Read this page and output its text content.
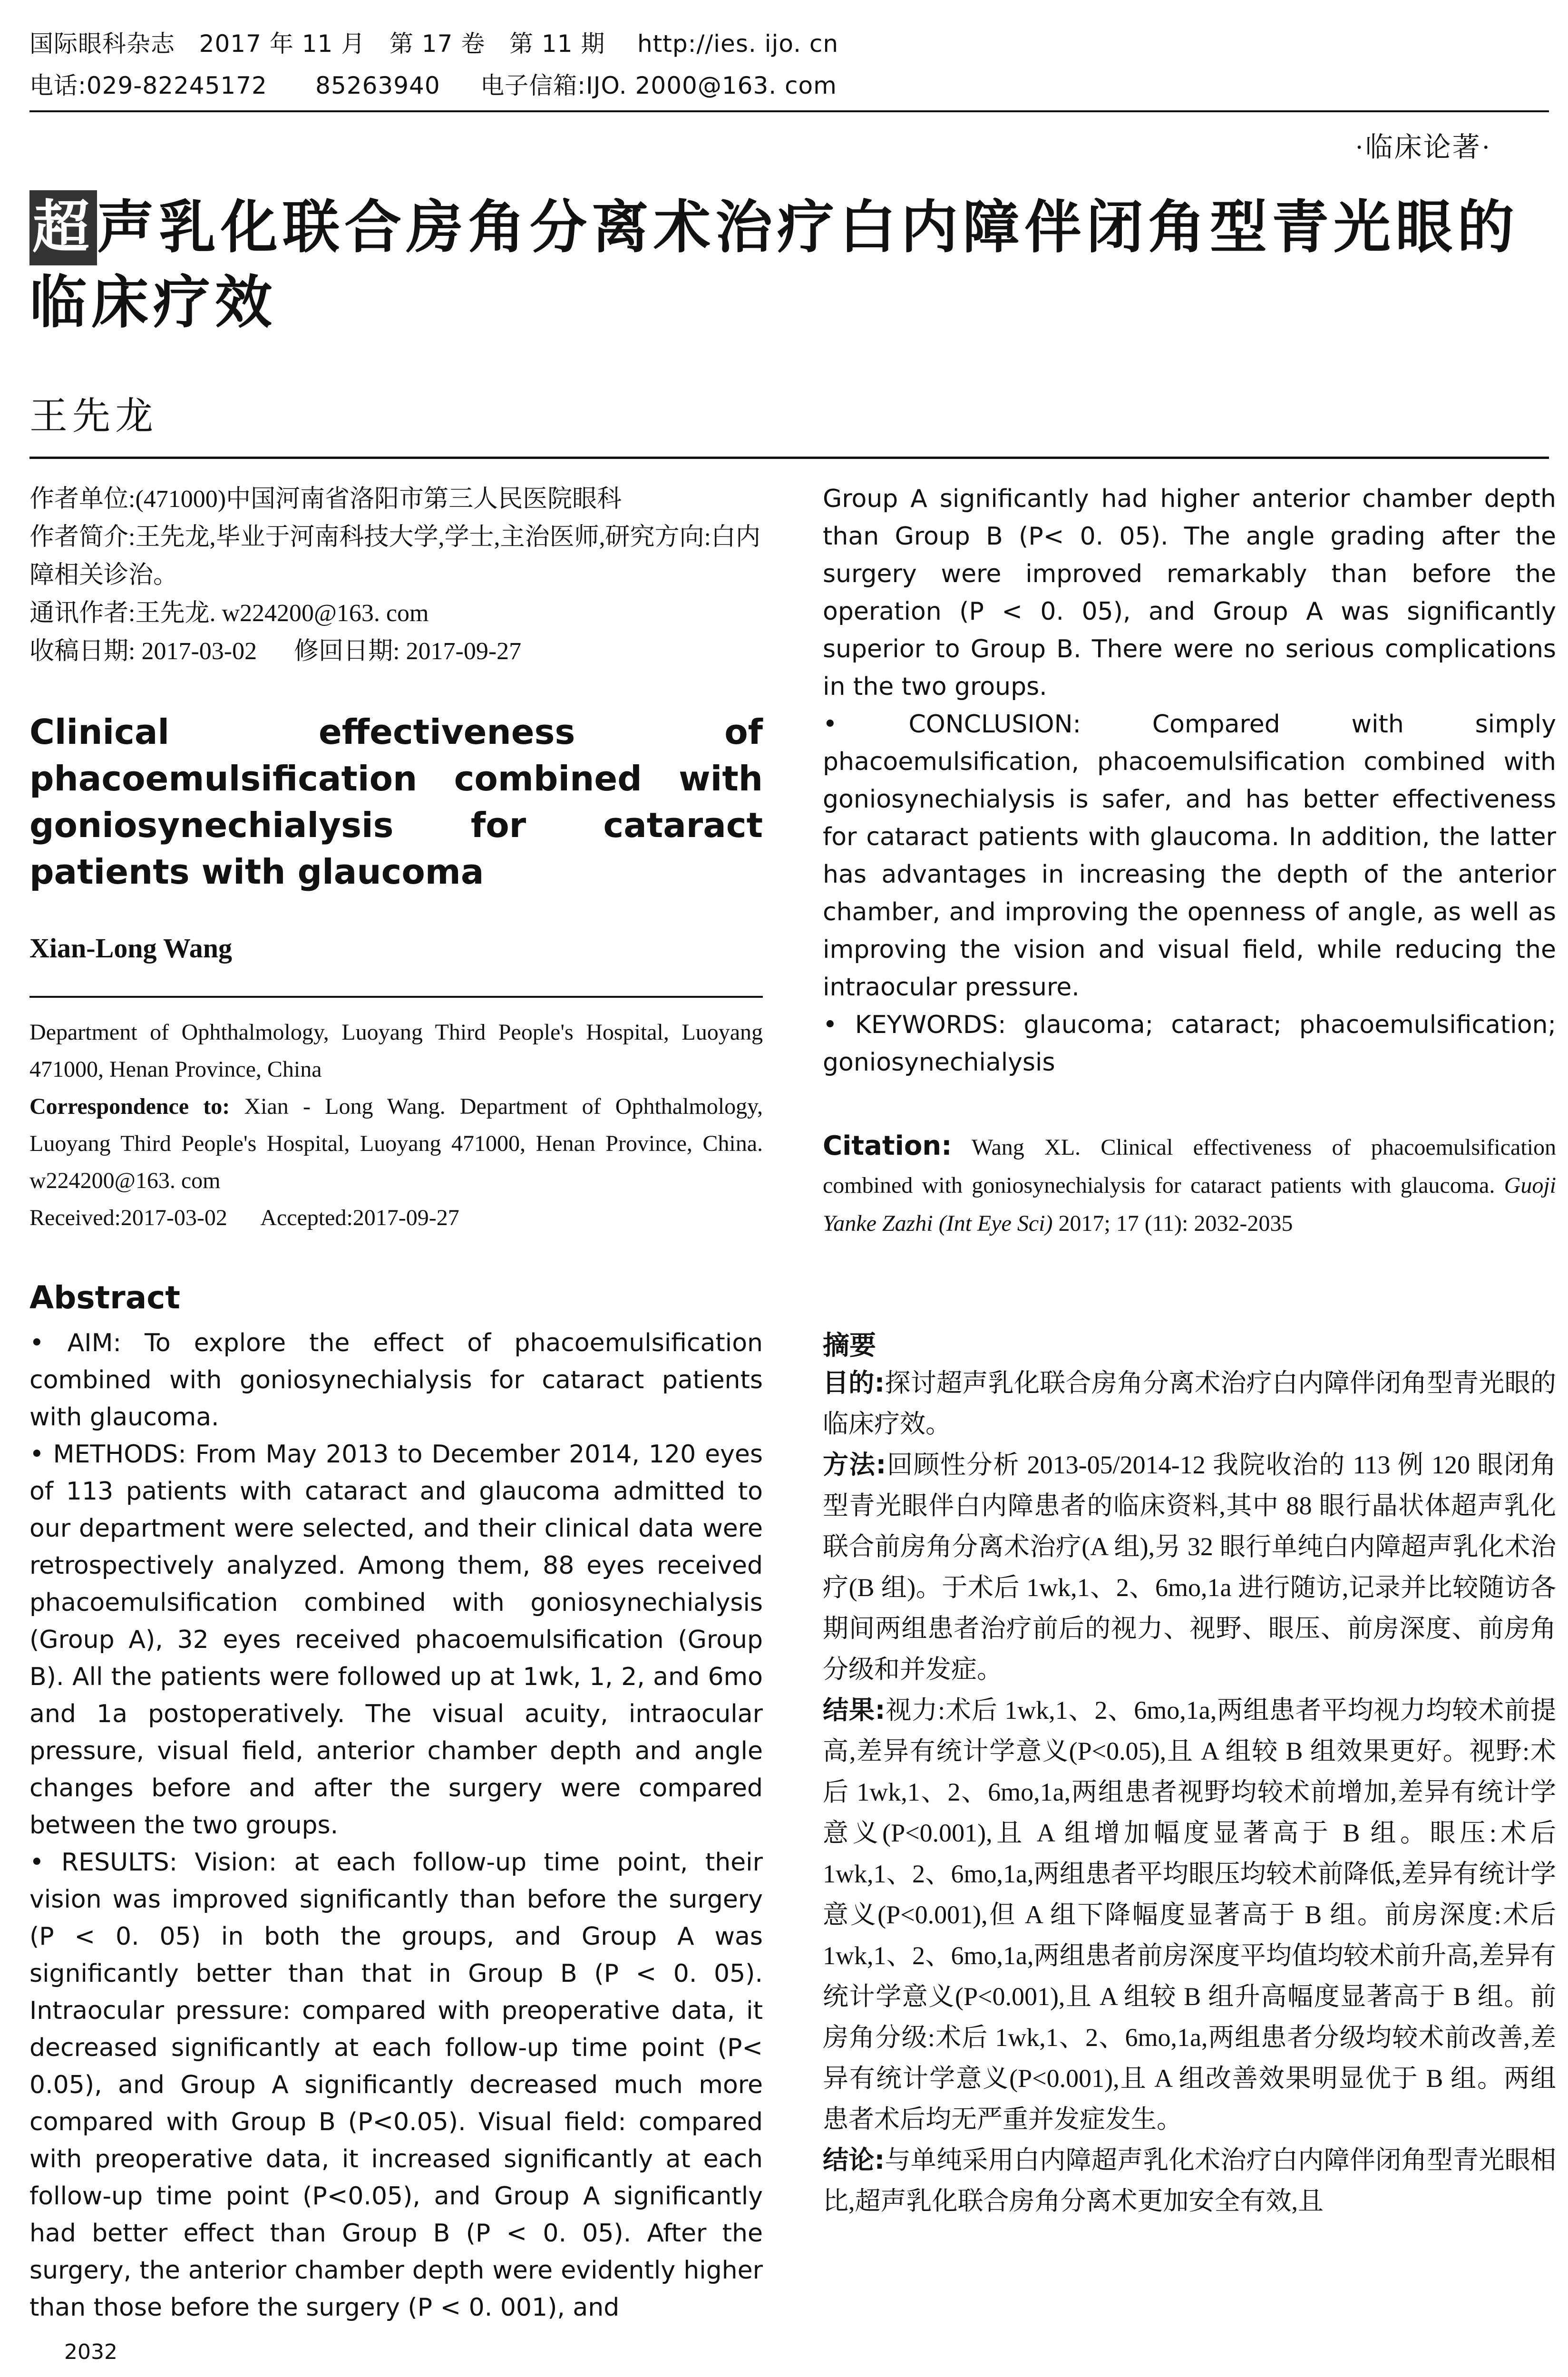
国际眼科杂志   2017 年 11 月   第 17 卷   第 11 期    http://ies. ijo. cn
电话:029-82245172      85263940     电子信箱:IJO. 2000@163. com
·临床论著·
超声乳化联合房角分离术治疗白内障伴闭角型青光眼的临床疗效
王先龙

作者单位:(471000)中国河南省洛阳市第三人民医院眼科

作者简介:王先龙,毕业于河南科技大学,学士,主治医师,研究方向:白内障相关诊治。

通讯作者:王先龙. w224200@163. com

收稿日期: 2017-03-02      修回日期: 2017-09-27

Clinical effectiveness of phacoemulsification combined with goniosynechialysis for cataract patients with glaucoma
Xian-Long Wang

Department of Ophthalmology, Luoyang Third People's Hospital, Luoyang 471000, Henan Province, China

Correspondence to: Xian - Long Wang. Department of Ophthalmology, Luoyang Third People's Hospital, Luoyang 471000, Henan Province, China. w224200@163. com

Received:2017-03-02      Accepted:2017-09-27

Abstract

• AIM: To explore the effect of phacoemulsification combined with goniosynechialysis for cataract patients with glaucoma.

• METHODS: From May 2013 to December 2014, 120 eyes of 113 patients with cataract and glaucoma admitted to our department were selected, and their clinical data were retrospectively analyzed. Among them, 88 eyes received phacoemulsification combined with goniosynechialysis (Group A), 32 eyes received phacoemulsification (Group B). All the patients were followed up at 1wk, 1, 2, and 6mo and 1a postoperatively. The visual acuity, intraocular pressure, visual field, anterior chamber depth and angle changes before and after the surgery were compared between the two groups.

• RESULTS: Vision: at each follow-up time point, their vision was improved significantly than before the surgery (P < 0. 05) in both the groups, and Group A was significantly better than that in Group B (P < 0. 05). Intraocular pressure: compared with preoperative data, it decreased significantly at each follow-up time point (P< 0.05), and Group A significantly decreased much more compared with Group B (P<0.05). Visual field: compared with preoperative data, it increased significantly at each follow-up time point (P<0.05), and Group A significantly had better effect than Group B (P < 0. 05). After the surgery, the anterior chamber depth were evidently higher than those before the surgery (P < 0. 001), and

Group A significantly had higher anterior chamber depth than Group B (P< 0. 05). The angle grading after the surgery were improved remarkably than before the operation (P < 0. 05), and Group A was significantly superior to Group B. There were no serious complications in the two groups.

• CONCLUSION: Compared with simply phacoemulsification, phacoemulsification combined with goniosynechialysis is safer, and has better effectiveness for cataract patients with glaucoma. In addition, the latter has advantages in increasing the depth of the anterior chamber, and improving the openness of angle, as well as improving the vision and visual field, while reducing the intraocular pressure.

• KEYWORDS: glaucoma; cataract; phacoemulsification; goniosynechialysis

Citation: Wang XL. Clinical effectiveness of phacoemulsification combined with goniosynechialysis for cataract patients with glaucoma. Guoji Yanke Zazhi (Int Eye Sci) 2017; 17 (11): 2032-2035
摘要

目的:探讨超声乳化联合房角分离术治疗白内障伴闭角型青光眼的临床疗效。

方法:回顾性分析 2013-05/2014-12 我院收治的 113 例 120 眼闭角型青光眼伴白内障患者的临床资料,其中 88 眼行晶状体超声乳化联合前房角分离术治疗(A 组),另 32 眼行单纯白内障超声乳化术治疗(B 组)。于术后 1wk,1、2、6mo,1a 进行随访,记录并比较随访各期间两组患者治疗前后的视力、视野、眼压、前房深度、前房角分级和并发症。

结果:视力:术后 1wk,1、2、6mo,1a,两组患者平均视力均较术前提高,差异有统计学意义(P<0.05),且 A 组较 B 组效果更好。视野:术后 1wk,1、2、6mo,1a,两组患者视野均较术前增加,差异有统计学意义(P<0.001),且 A 组增加幅度显著高于 B 组。眼压:术后 1wk,1、2、6mo,1a,两组患者平均眼压均较术前降低,差异有统计学意义(P<0.001),但 A 组下降幅度显著高于 B 组。前房深度:术后 1wk,1、2、6mo,1a,两组患者前房深度平均值均较术前升高,差异有统计学意义(P<0.001),且 A 组较 B 组升高幅度显著高于 B 组。前房角分级:术后 1wk,1、2、6mo,1a,两组患者分级均较术前改善,差异有统计学意义(P<0.001),且 A 组改善效果明显优于 B 组。两组患者术后均无严重并发症发生。

结论:与单纯采用白内障超声乳化术治疗白内障伴闭角型青光眼相比,超声乳化联合房角分离术更加安全有效,且

2032
